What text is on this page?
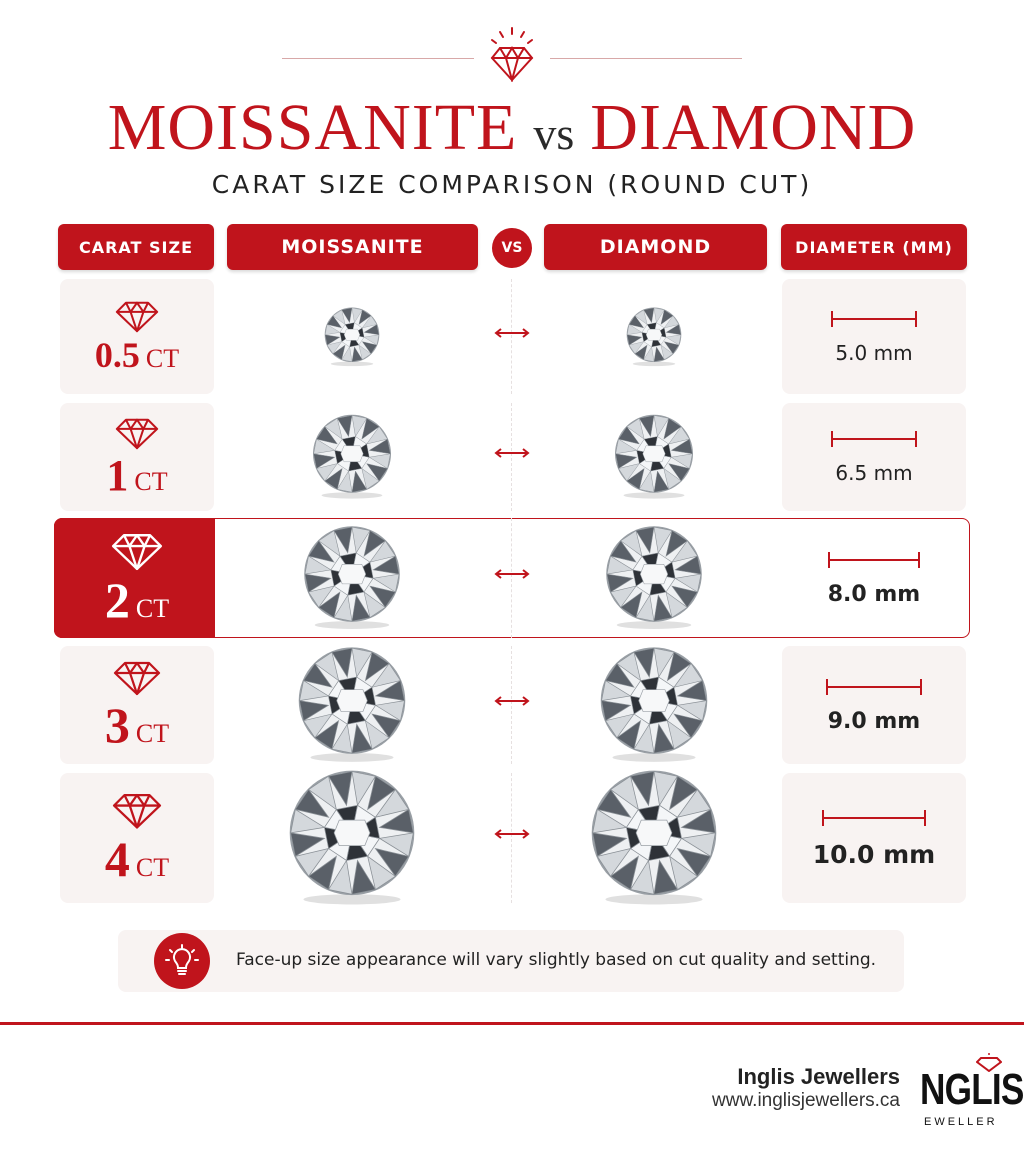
MOISSANITE vs DIAMOND
CARAT SIZE COMPARISON (ROUND CUT)
CARAT SIZE	MOISSANITE	VS	DIAMOND	DIAMETER (MM)
0.5 CT	5.0 mm
1 CT	6.5 mm
2 CT	8.0 mm
3 CT	9.0 mm
4 CT	10.0 mm
Face-up size appearance will vary slightly based on cut quality and setting.
Inglis Jewellers
www.inglisjewellers.ca NGLIS
EWELLER
